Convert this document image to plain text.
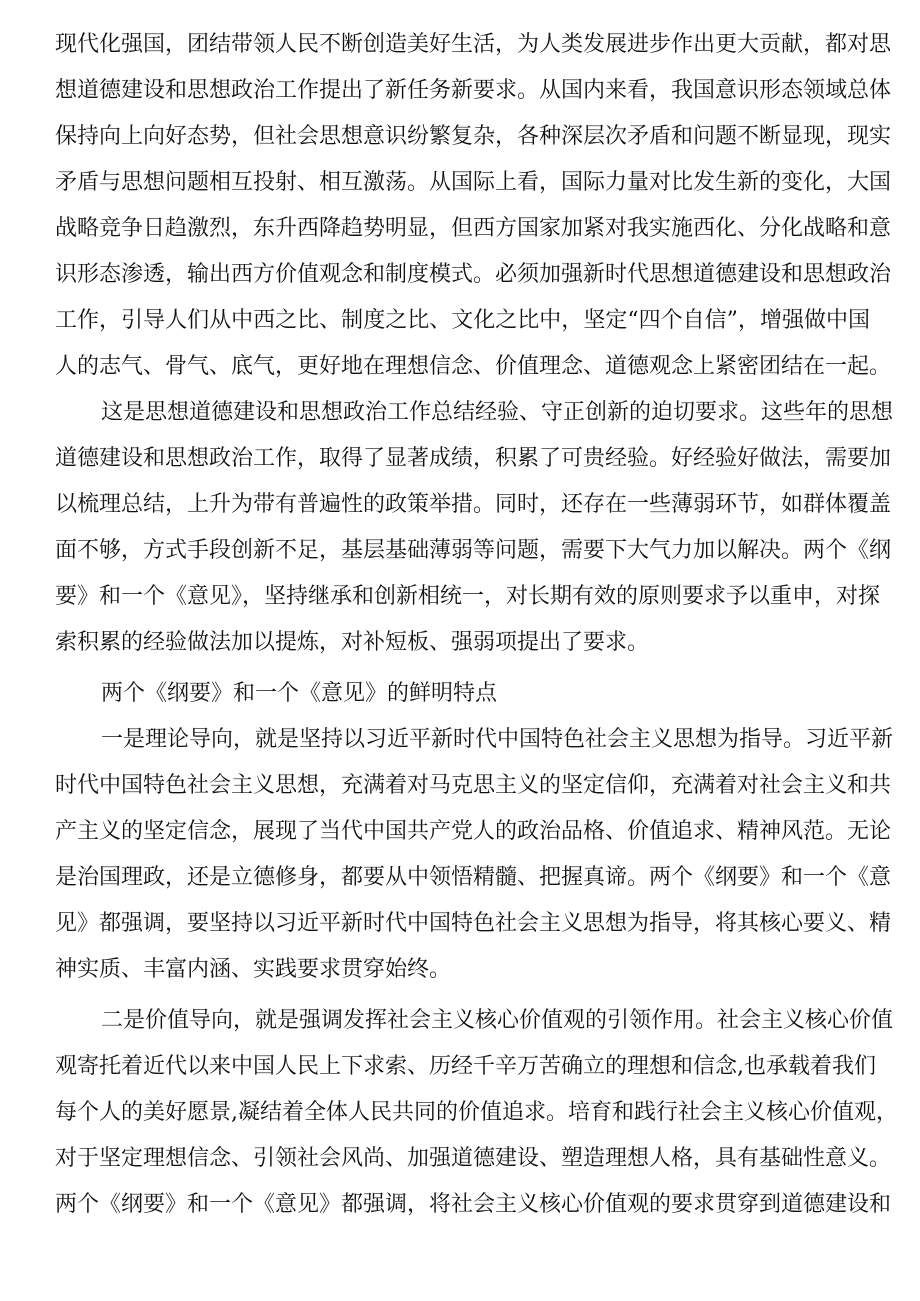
现代化强国，团结带领人民不断创造美好生活，为人类发展进步作出更大贡献，都对思
想道德建设和思想政治工作提出了新任务新要求。从国内来看，我国意识形态领域总体
保持向上向好态势，但社会思想意识纷繁复杂，各种深层次矛盾和问题不断显现，现实
矛盾与思想问题相互投射、相互激荡。从国际上看，国际力量对比发生新的变化，大国
战略竞争日趋激烈，东升西降趋势明显，但西方国家加紧对我实施西化、分化战略和意
识形态渗透，输出西方价值观念和制度模式。必须加强新时代思想道德建设和思想政治
工作，引导人们从中西之比、制度之比、文化之比中，坚定“四个自信”，增强做中国
人的志气、骨气、底气，更好地在理想信念、价值理念、道德观念上紧密团结在一起。
这是思想道德建设和思想政治工作总结经验、守正创新的迫切要求。这些年的思想
道德建设和思想政治工作，取得了显著成绩，积累了可贵经验。好经验好做法，需要加
以梳理总结，上升为带有普遍性的政策举措。同时，还存在一些薄弱环节，如群体覆盖
面不够，方式手段创新不足，基层基础薄弱等问题，需要下大气力加以解决。两个《纲
要》和一个《意见》，坚持继承和创新相统一，对长期有效的原则要求予以重申，对探
索积累的经验做法加以提炼，对补短板、强弱项提出了要求。
两个《纲要》和一个《意见》的鲜明特点
一是理论导向，就是坚持以习近平新时代中国特色社会主义思想为指导。习近平新
时代中国特色社会主义思想，充满着对马克思主义的坚定信仰，充满着对社会主义和共
产主义的坚定信念，展现了当代中国共产党人的政治品格、价值追求、精神风范。无论
是治国理政，还是立德修身，都要从中领悟精髓、把握真谛。两个《纲要》和一个《意
见》都强调，要坚持以习近平新时代中国特色社会主义思想为指导，将其核心要义、精
神实质、丰富内涵、实践要求贯穿始终。
二是价值导向，就是强调发挥社会主义核心价值观的引领作用。社会主义核心价值
观寄托着近代以来中国人民上下求索、历经千辛万苦确立的理想和信念,也承载着我们
每个人的美好愿景,凝结着全体人民共同的价值追求。培育和践行社会主义核心价值观，
对于坚定理想信念、引领社会风尚、加强道德建设、塑造理想人格，具有基础性意义。
两个《纲要》和一个《意见》都强调，将社会主义核心价值观的要求贯穿到道德建设和
